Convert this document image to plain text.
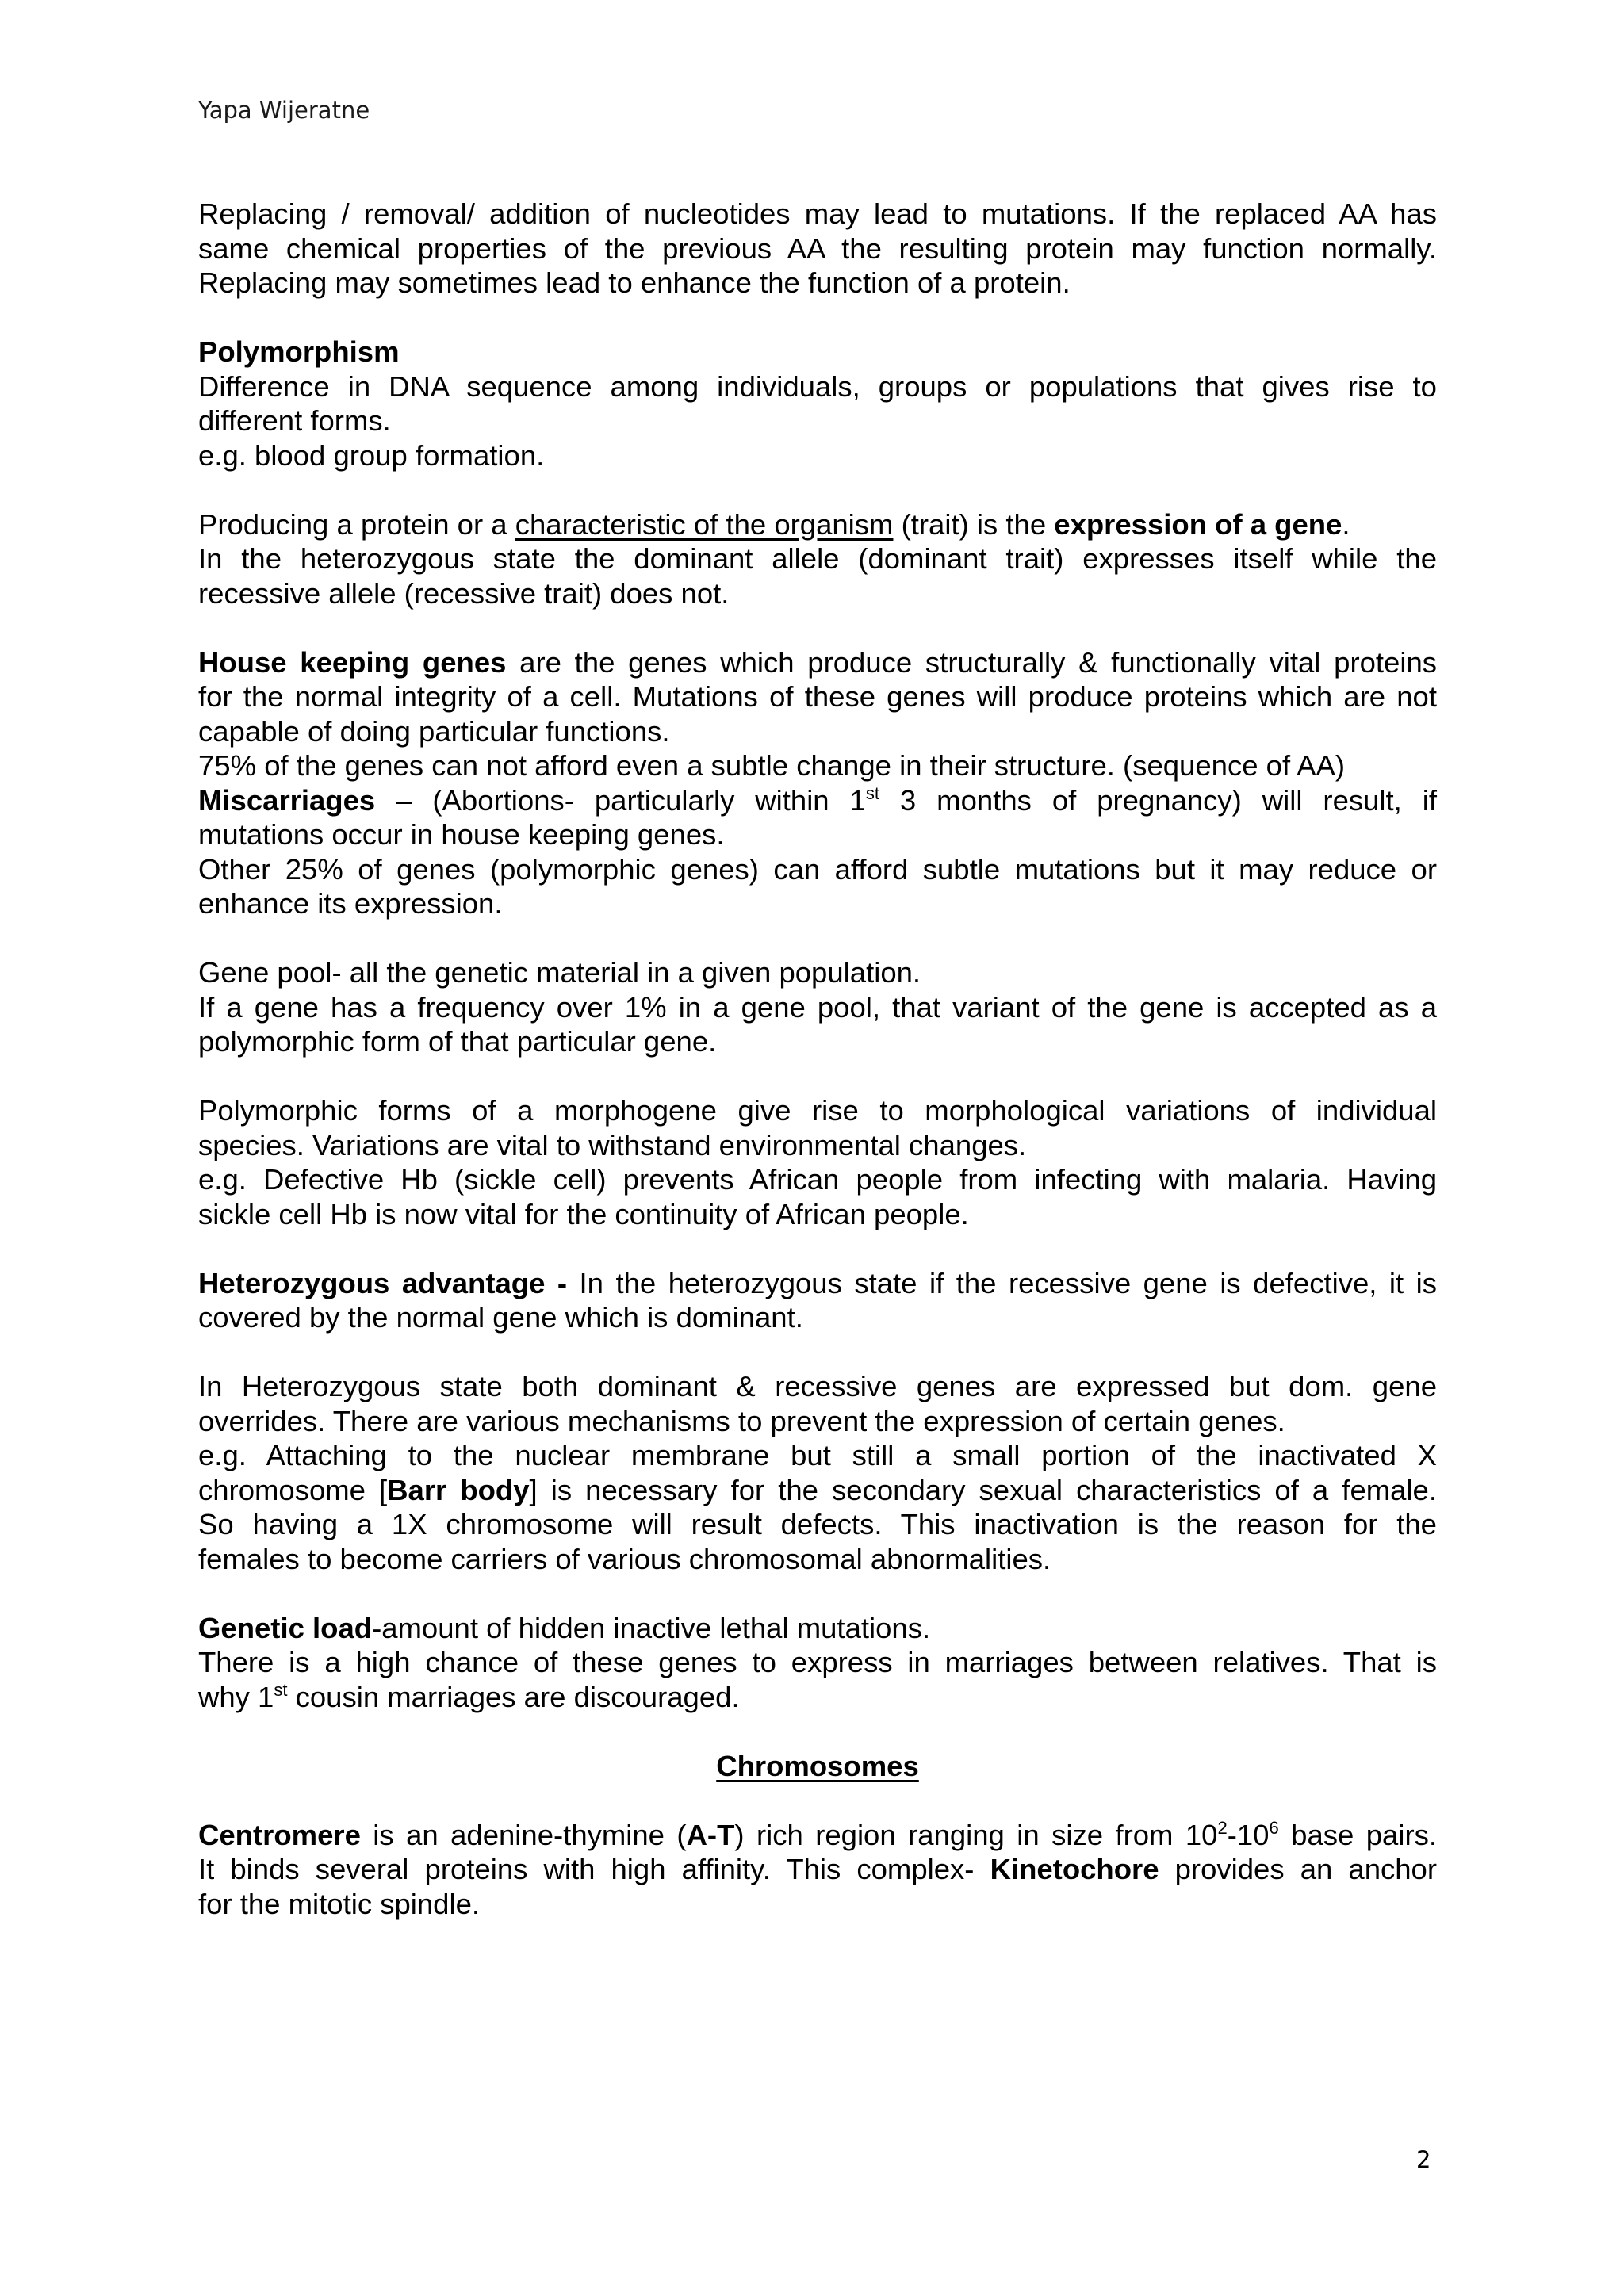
Yapa Wijeratne

Replacing / removal/ addition of nucleotides may lead to mutations. If the replaced AA has
same chemical properties of the previous AA the resulting protein may function normally.
Replacing may sometimes lead to enhance the function of a protein.

Polymorphism
Difference in DNA sequence among individuals, groups or populations that gives rise to
different forms.
e.g. blood group formation.

Producing a protein or a characteristic of the organism (trait) is the expression of a gene.
In the heterozygous state the dominant allele (dominant trait) expresses itself while the
recessive allele (recessive trait) does not.

House keeping genes are the genes which produce structurally & functionally vital proteins
for the normal integrity of a cell. Mutations of these genes will produce proteins which are not
capable of doing particular functions.
75% of the genes can not afford even a subtle change in their structure. (sequence of AA)
Miscarriages – (Abortions- particularly within 1st 3 months of pregnancy) will result, if
mutations occur in house keeping genes.
Other 25% of genes (polymorphic genes) can afford subtle mutations but it may reduce or
enhance its expression.

Gene pool- all the genetic material in a given population.
If a gene has a frequency over 1% in a gene pool, that variant of the gene is accepted as a
polymorphic form of that particular gene.

Polymorphic forms of a morphogene give rise to morphological variations of individual
species. Variations are vital to withstand environmental changes.
e.g. Defective Hb (sickle cell) prevents African people from infecting with malaria. Having
sickle cell Hb is now vital for the continuity of African people.

Heterozygous advantage - In the heterozygous state if the recessive gene is defective, it is
covered by the normal gene which is dominant.

In Heterozygous state both dominant & recessive genes are expressed but dom. gene
overrides. There are various mechanisms to prevent the expression of certain genes.
e.g. Attaching to the nuclear membrane but still a small portion of the inactivated X
chromosome [Barr body] is necessary for the secondary sexual characteristics of a female.
So having a 1X chromosome will result defects. This inactivation is the reason for the
females to become carriers of various chromosomal abnormalities.

Genetic load-amount of hidden inactive lethal mutations.
There is a high chance of these genes to express in marriages between relatives. That is
why 1st cousin marriages are discouraged.

Chromosomes

Centromere is an adenine-thymine (A-T) rich region ranging in size from $10^2-10^6$ base pairs.
It binds several proteins with high affinity. This complex- Kinetochore provides an anchor
for the mitotic spindle.

2
